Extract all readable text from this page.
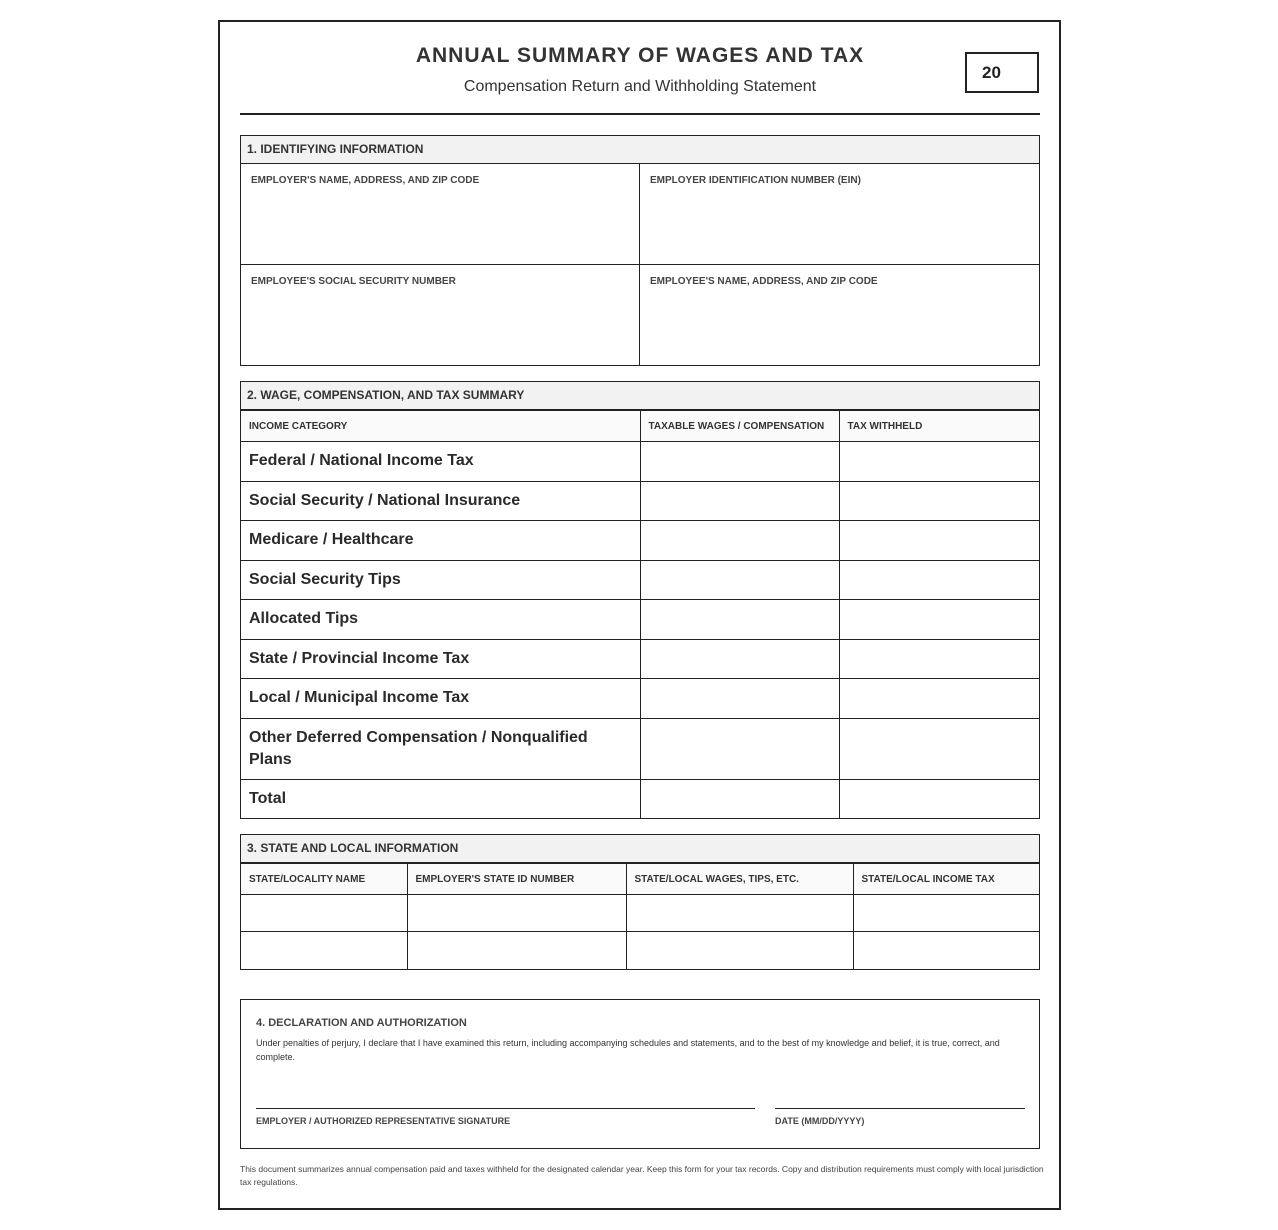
ANNUAL SUMMARY OF WAGES AND TAX
Compensation Return and Withholding Statement
20
1. IDENTIFYING INFORMATION
EMPLOYER'S NAME, ADDRESS, AND ZIP CODE	EMPLOYER IDENTIFICATION NUMBER (EIN)
EMPLOYEE'S SOCIAL SECURITY NUMBER	EMPLOYEE'S NAME, ADDRESS, AND ZIP CODE
2. WAGE, COMPENSATION, AND TAX SUMMARY
INCOME CATEGORY	TAXABLE WAGES / COMPENSATION	TAX WITHHELD
Federal / National Income Tax		
Social Security / National Insurance		
Medicare / Healthcare		
Social Security Tips		
Allocated Tips		
State / Provincial Income Tax		
Local / Municipal Income Tax		

Other Deferred Compensation / Nonqualified Plans		

Total		
3. STATE AND LOCAL INFORMATION
STATE/LOCALITY NAME	EMPLOYER'S STATE ID NUMBER	STATE/LOCAL WAGES, TIPS, ETC.	STATE/LOCAL INCOME TAX

4. DECLARATION AND AUTHORIZATION
Under penalties of perjury, I declare that I have examined this return, including accompanying schedules and statements, and to the best of my knowledge and belief, it is true, correct, and complete.
EMPLOYER / AUTHORIZED REPRESENTATIVE SIGNATURE	DATE (MM/DD/YYYY)
This document summarizes annual compensation paid and taxes withheld for the designated calendar year. Keep this form for your tax records. Copy and distribution requirements must comply with local jurisdiction tax regulations.
